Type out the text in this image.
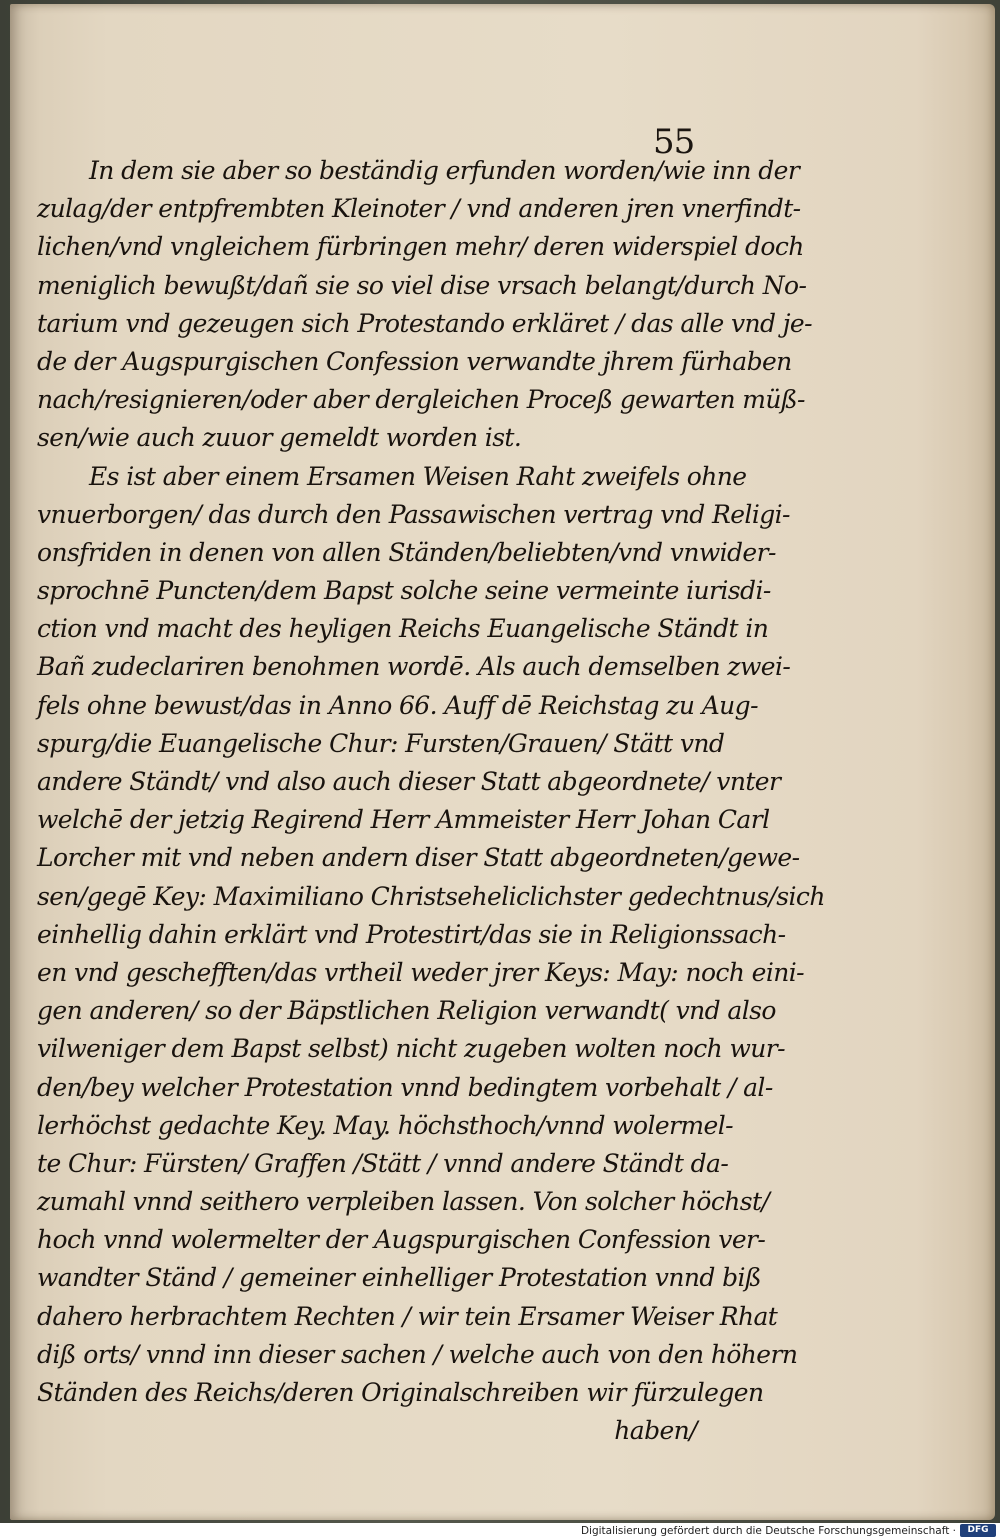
55
In dem sie aber so beständig erfunden worden/wie inn der
zulag/der entpfrembten Kleinoter / vnd anderen jren vnerfindt-
lichen/vnd vngleichem fürbringen mehr/ deren widerspiel doch
meniglich bewußt/dañ sie so viel dise vrsach belangt/durch No-
tarium vnd gezeugen sich Protestando erkläret / das alle vnd je-
de der Augspurgischen Confession verwandte jhrem fürhaben
nach/resignieren/oder aber dergleichen Proceß gewarten müß-
sen/wie auch zuuor gemeldt worden ist.
Es ist aber einem Ersamen Weisen Raht zweifels ohne
vnuerborgen/ das durch den Passawischen vertrag vnd Religi-
onsfriden in denen von allen Ständen/beliebten/vnd vnwider-
sprochnē Puncten/dem Bapst solche seine vermeinte iurisdi-
ction vnd macht des heyligen Reichs Euangelische Ständt in
Bañ zudeclariren benohmen wordē. Als auch demselben zwei-
fels ohne bewust/das in Anno 66. Auff dē Reichstag zu Aug-
spurg/die Euangelische Chur: Fursten/Grauen/ Stätt vnd
andere Ständt/ vnd also auch dieser Statt abgeordnete/ vnter
welchē der jetzig Regirend Herr Ammeister Herr Johan Carl
Lorcher mit vnd neben andern diser Statt abgeordneten/gewe-
sen/gegē Key: Maximiliano Christseheliclichster gedechtnus/sich
einhellig dahin erklärt vnd Protestirt/das sie in Religionssach-
en vnd gescheﬀten/das vrtheil weder jrer Keys: May: noch eini-
gen anderen/ so der Bäpstlichen Religion verwandt( vnd also
vilweniger dem Bapst selbst) nicht zugeben wolten noch wur-
den/bey welcher Protestation vnnd bedingtem vorbehalt / al-
lerhöchst gedachte Key. May. höchsthoch/vnnd wolermel-
te Chur: Fürsten/ Graffen /Stätt / vnnd andere Ständt da-
zumahl vnnd seithero verpleiben lassen. Von solcher höchst/
hoch vnnd wolermelter der Augspurgischen Confession ver-
wandter Ständ / gemeiner einhelliger Protestation vnnd biß
dahero herbrachtem Rechten / wir tein Ersamer Weiser Rhat
diß orts/ vnnd inn dieser sachen / welche auch von den höhern
Ständen des Reichs/deren Originalschreiben wir fürzulegen
haben/
Digitalisierung gefördert durch die Deutsche Forschungsgemeinschaft ·	DFG
